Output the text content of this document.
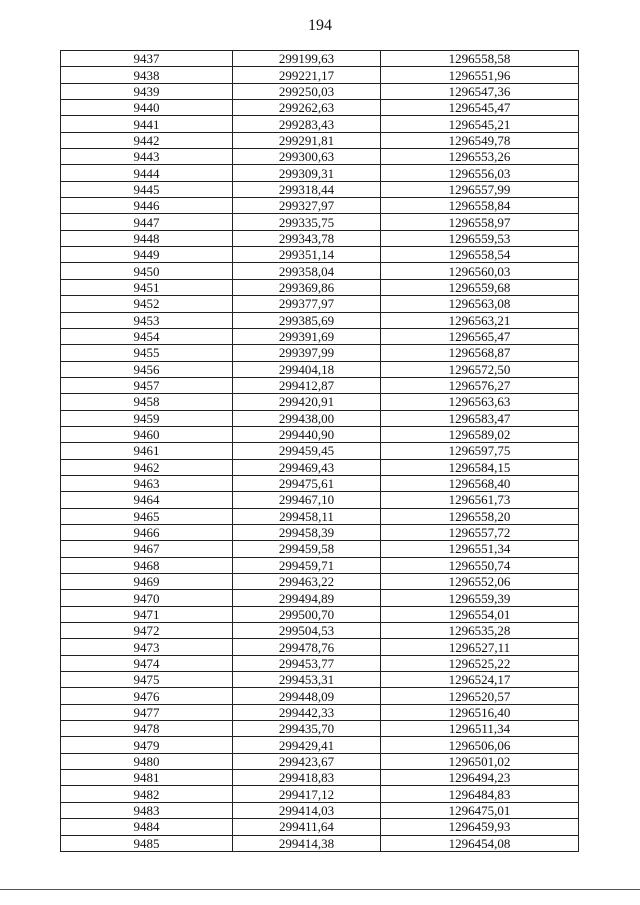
194
9437	299199,63	1296558,58
9438	299221,17	1296551,96
9439	299250,03	1296547,36
9440	299262,63	1296545,47
9441	299283,43	1296545,21
9442	299291,81	1296549,78
9443	299300,63	1296553,26
9444	299309,31	1296556,03
9445	299318,44	1296557,99
9446	299327,97	1296558,84
9447	299335,75	1296558,97
9448	299343,78	1296559,53
9449	299351,14	1296558,54
9450	299358,04	1296560,03
9451	299369,86	1296559,68
9452	299377,97	1296563,08
9453	299385,69	1296563,21
9454	299391,69	1296565,47
9455	299397,99	1296568,87
9456	299404,18	1296572,50
9457	299412,87	1296576,27
9458	299420,91	1296563,63
9459	299438,00	1296583,47
9460	299440,90	1296589,02
9461	299459,45	1296597,75
9462	299469,43	1296584,15
9463	299475,61	1296568,40
9464	299467,10	1296561,73
9465	299458,11	1296558,20
9466	299458,39	1296557,72
9467	299459,58	1296551,34
9468	299459,71	1296550,74
9469	299463,22	1296552,06
9470	299494,89	1296559,39
9471	299500,70	1296554,01
9472	299504,53	1296535,28
9473	299478,76	1296527,11
9474	299453,77	1296525,22
9475	299453,31	1296524,17
9476	299448,09	1296520,57
9477	299442,33	1296516,40
9478	299435,70	1296511,34
9479	299429,41	1296506,06
9480	299423,67	1296501,02
9481	299418,83	1296494,23
9482	299417,12	1296484,83
9483	299414,03	1296475,01
9484	299411,64	1296459,93
9485	299414,38	1296454,08
